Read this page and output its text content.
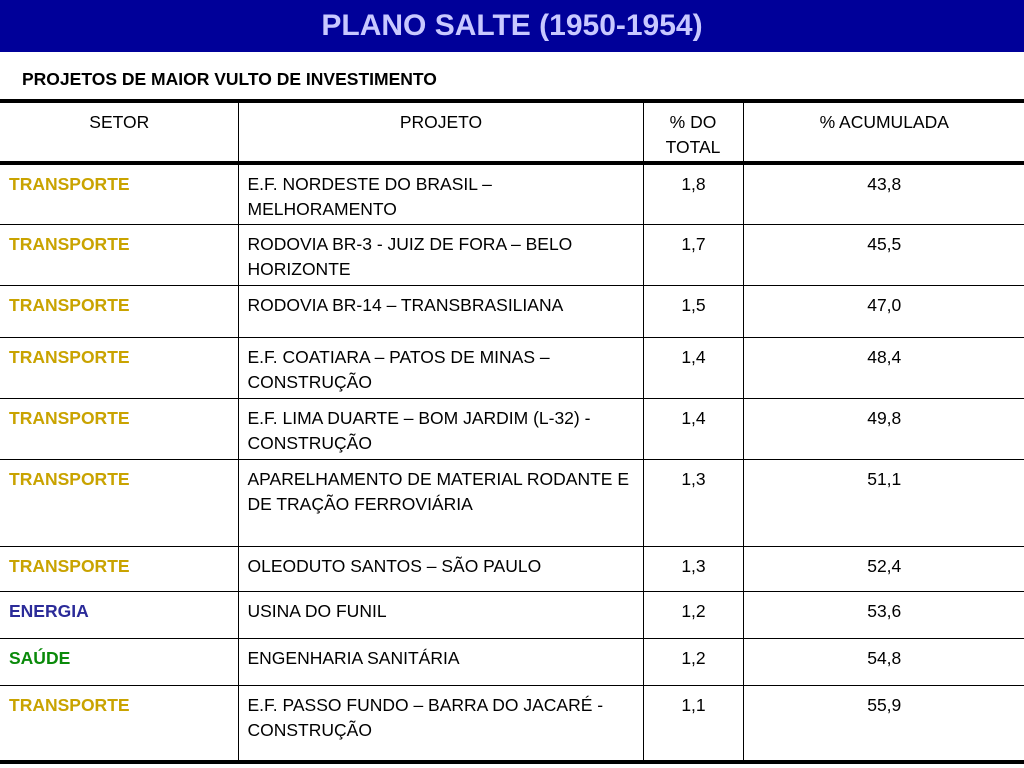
PLANO SALTE (1950-1954)
PROJETOS DE MAIOR VULTO DE INVESTIMENTO
SETOR	PROJETO	% DO TOTAL	% ACUMULADA
TRANSPORTE	E.F. NORDESTE DO BRASIL – MELHORAMENTO	1,8	43,8
TRANSPORTE	RODOVIA BR-3 - JUIZ DE FORA – BELO HORIZONTE	1,7	45,5
TRANSPORTE	RODOVIA BR-14 – TRANSBRASILIANA	1,5	47,0
TRANSPORTE	E.F. COATIARA – PATOS DE MINAS – CONSTRUÇÃO	1,4	48,4
TRANSPORTE	E.F. LIMA DUARTE – BOM JARDIM (L-32) - CONSTRUÇÃO	1,4	49,8
TRANSPORTE	APARELHAMENTO DE MATERIAL RODANTE E DE TRAÇÃO FERROVIÁRIA	1,3	51,1
TRANSPORTE	OLEODUTO SANTOS – SÃO PAULO	1,3	52,4
ENERGIA	USINA DO FUNIL	1,2	53,6
SAÚDE	ENGENHARIA SANITÁRIA	1,2	54,8
TRANSPORTE	E.F. PASSO FUNDO – BARRA DO JACARÉ - CONSTRUÇÃO	1,1	55,9
